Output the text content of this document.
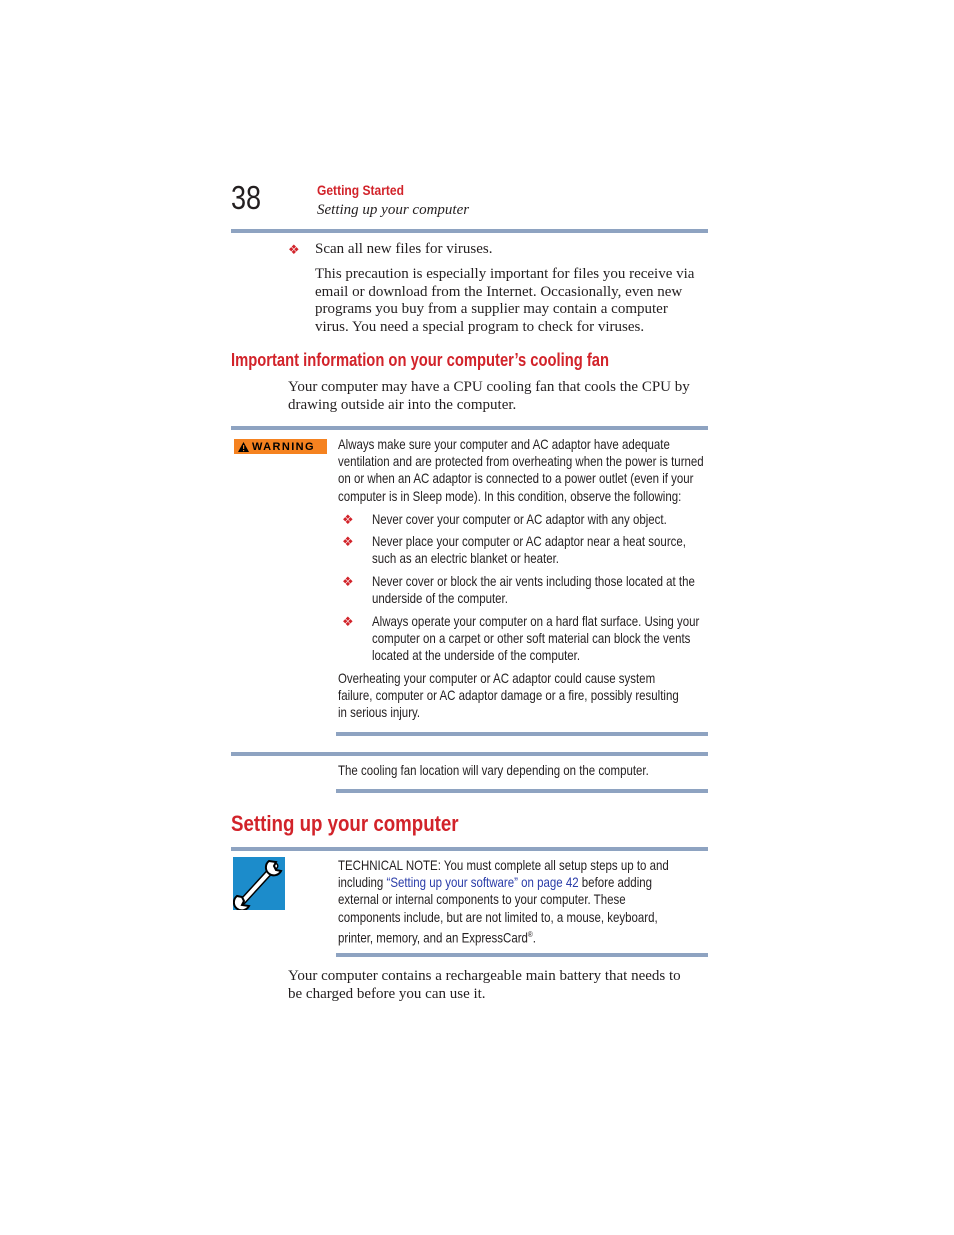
38	Getting Started
Setting up your computer
❖ Scan all new files for viruses.
This precaution is especially important for files you receive via
email or download from the Internet. Occasionally, even new
programs you buy from a supplier may contain a computer
virus. You need a special program to check for viruses.
Important information on your computer’s cooling fan
Your computer may have a CPU cooling fan that cools the CPU by
drawing outside air into the computer.
WARNING Always make sure your computer and AC adaptor have adequate
ventilation and are protected from overheating when the power is turned
on or when an AC adaptor is connected to a power outlet (even if your
computer is in Sleep mode). In this condition, observe the following:
❖ Never cover your computer or AC adaptor with any object.
❖ Never place your computer or AC adaptor near a heat source,
such as an electric blanket or heater.
❖ Never cover or block the air vents including those located at the
underside of the computer.
❖ Always operate your computer on a hard flat surface. Using your
computer on a carpet or other soft material can block the vents
located at the underside of the computer.
Overheating your computer or AC adaptor could cause system
failure, computer or AC adaptor damage or a fire, possibly resulting
in serious injury.
The cooling fan location will vary depending on the computer.
Setting up your computer
TECHNICAL NOTE: You must complete all setup steps up to and
including “Setting up your software” on page 42 before adding
external or internal components to your computer. These
components include, but are not limited to, a mouse, keyboard,
printer, memory, and an ExpressCard®.
Your computer contains a rechargeable main battery that needs to
be charged before you can use it.
